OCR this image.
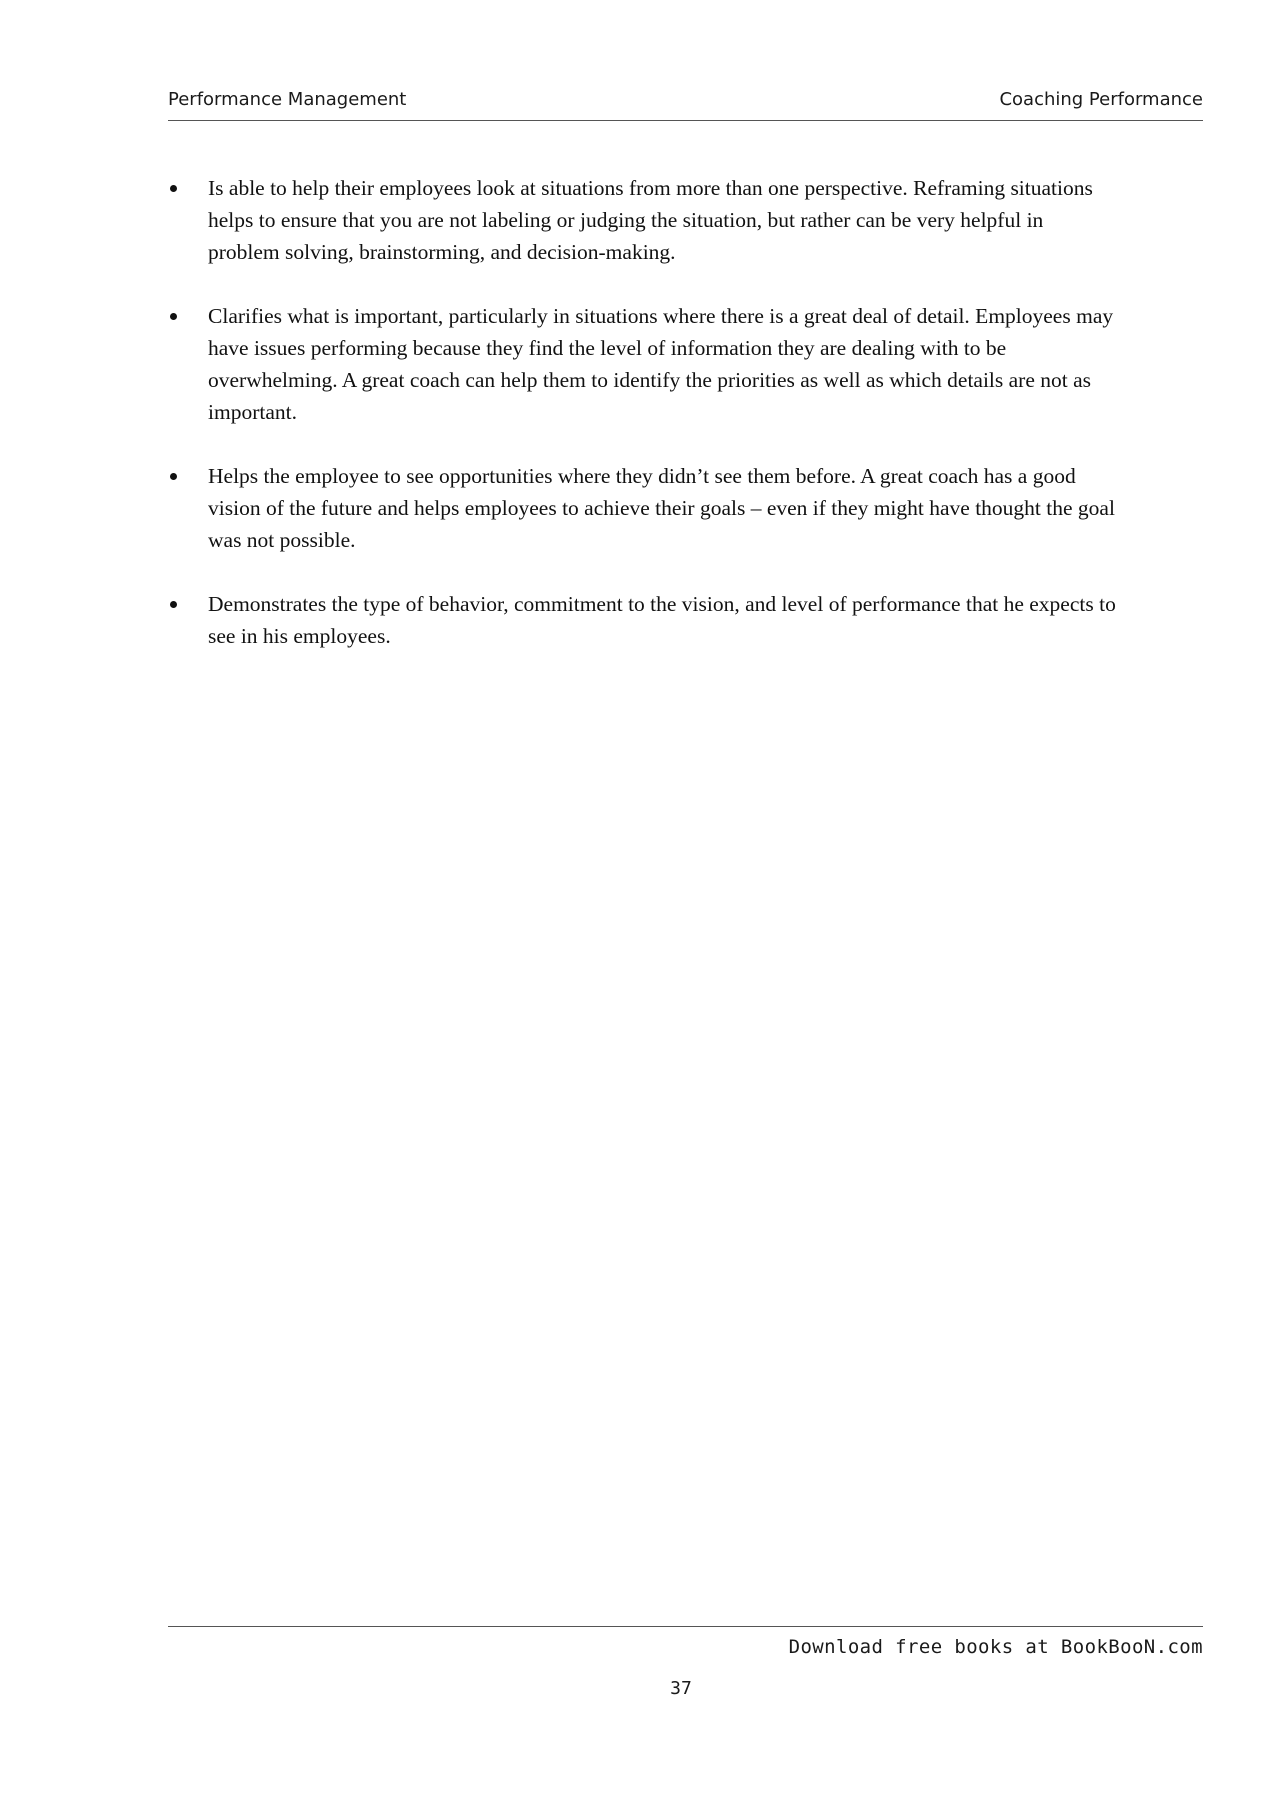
Performance Management	Coaching Performance
Is able to help their employees look at situations from more than one perspective. Reframing situations helps to ensure that you are not labeling or judging the situation, but rather can be very helpful in problem solving, brainstorming, and decision-making.
Clarifies what is important, particularly in situations where there is a great deal of detail. Employees may have issues performing because they find the level of information they are dealing with to be overwhelming. A great coach can help them to identify the priorities as well as which details are not as important.
Helps the employee to see opportunities where they didn’t see them before. A great coach has a good vision of the future and helps employees to achieve their goals – even if they might have thought the goal was not possible.
Demonstrates the type of behavior, commitment to the vision, and level of performance that he expects to see in his employees.
Download free books at BookBooN.com
37
